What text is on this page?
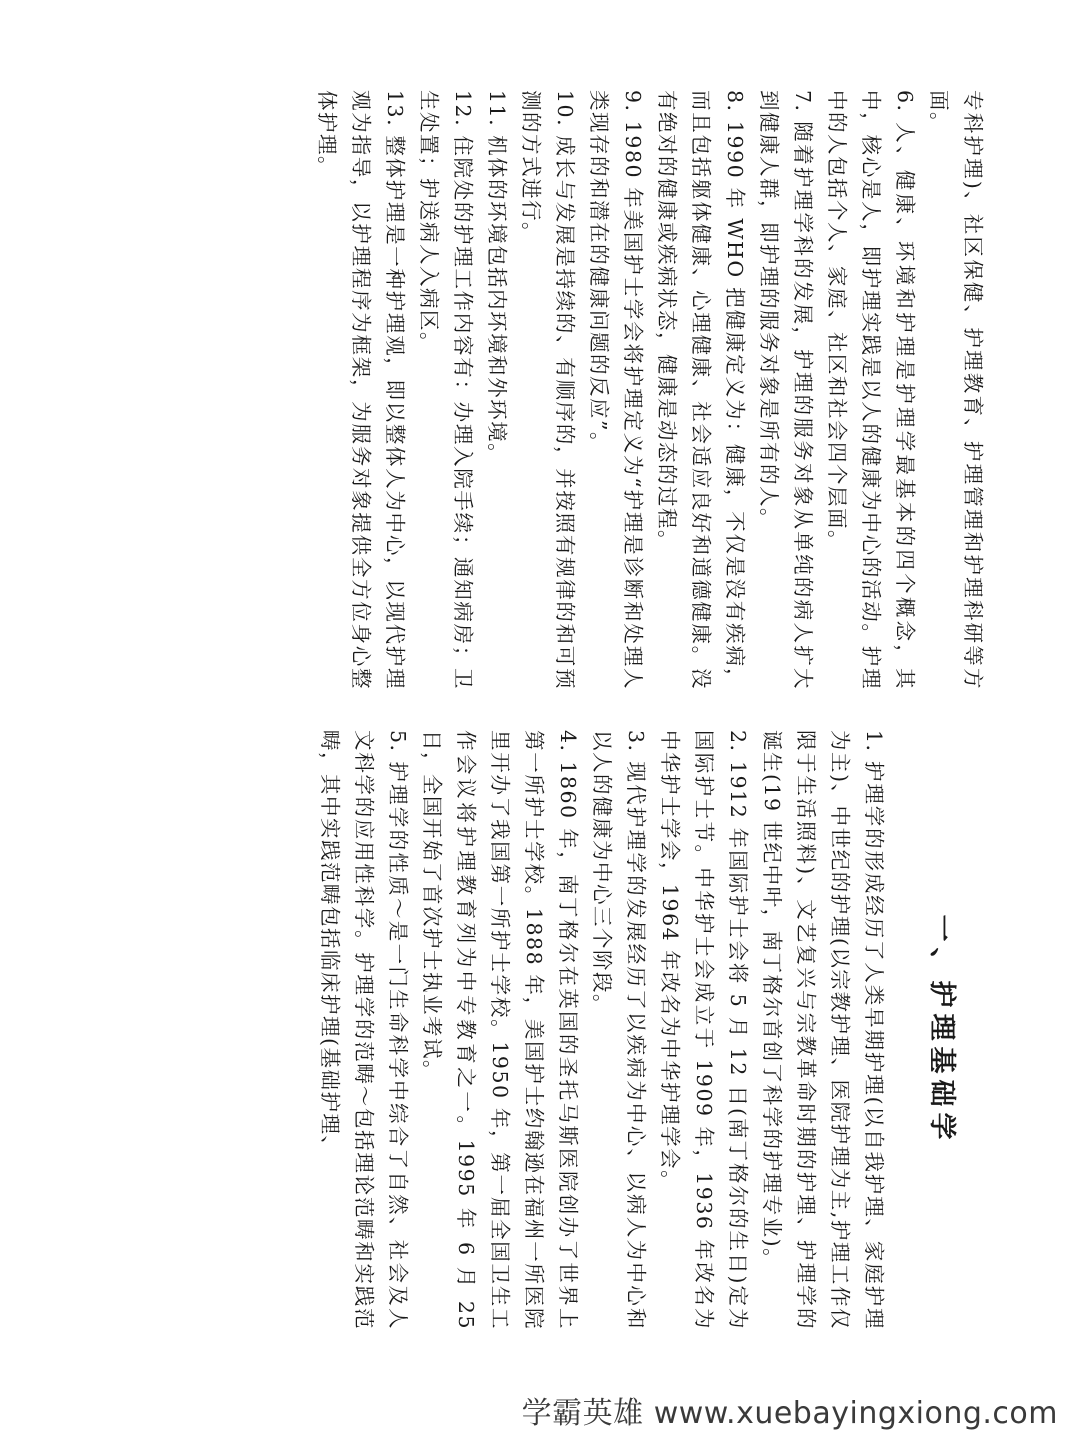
一、护理基础学

1. 护理学的形成经历了人类早期护理(以自我护理、家庭护理为主)、中世纪的护理(以宗教护理、医院护理为主,护理工作仅限于生活照料)、文艺复兴与宗教革命时期的护理、护理学的诞生(19 世纪中叶，南丁格尔首创了科学的护理专业)。

2. 1912 年国际护士会将 5 月 12 日(南丁格尔的生日)定为国际护士节。中华护士会成立于 1909 年，1936 年改名为中华护士学会，1964 年改名为中华护理学会。

3. 现代护理学的发展经历了以疾病为中心、以病人为中心和以人的健康为中心三个阶段。

4. 1860 年，南丁格尔在英国的圣托马斯医院创办了世界上第一所护士学校。1888 年，美国护士约翰逊在福州一所医院里开办了我国第一所护士学校。1950 年，第一届全国卫生工作会议将护理教育列为中专教育之一。1995 年 6 月 25 日，全国开始了首次护士执业考试。

5. 护理学的性质～是一门生命科学中综合了自然、社会及人文科学的应用性科学。护理学的范畴～包括理论范畴和实践范畴，其中实践范畴包括临床护理(基础护理、

专科护理)、社区保健、护理教育、护理管理和护理科研等方面。

6. 人、健康、环境和护理是护理学最基本的四个概念，其中，核心是人，即护理实践是以人的健康为中心的活动。护理中的人包括个人、家庭、社区和社会四个层面。

7. 随着护理学科的发展，护理的服务对象从单纯的病人扩大到健康人群，即护理的服务对象是所有的人。

8. 1990 年 WHO 把健康定义为：健康，不仅是没有疾病，而且包括躯体健康、心理健康、社会适应良好和道德健康。没有绝对的健康或疾病状态，健康是动态的过程。

9. 1980 年美国护士学会将护理定义为“护理是诊断和处理人类现存的和潜在的健康问题的反应”。

10. 成长与发展是持续的、有顺序的，并按照有规律的和可预测的方式进行。

11. 机体的环境包括内环境和外环境。

12. 住院处的护理工作内容有：办理入院手续；通知病房；卫生处置；护送病人入病区。

13. 整体护理是一种护理观，即以整体人为中心，以现代护理观为指导，以护理程序为框架，为服务对象提供全方位身心整体护理。

学霸英雄 www.xuebayingxiong.com
